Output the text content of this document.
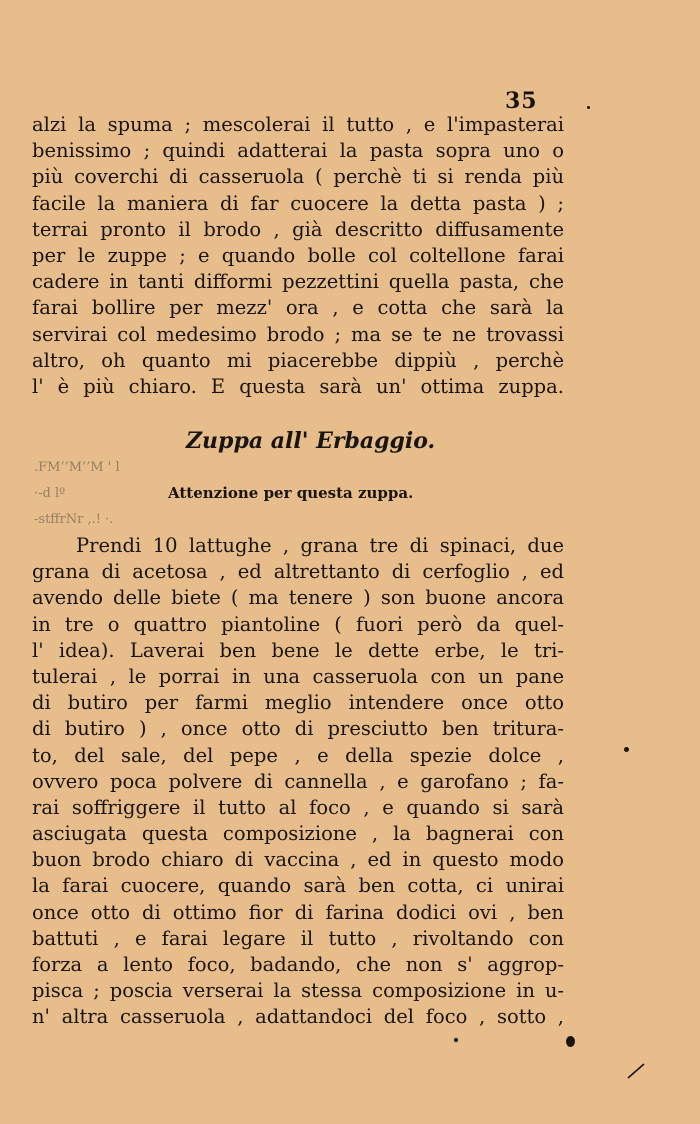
35
alzi la spuma ; mescolerai il tutto , e l'impasterai
benissimo ; quindi adatterai la pasta sopra uno o
più coverchi di casseruola ( perchè ti si renda più
facile la maniera di far cuocere la detta pasta ) ;
terrai pronto il brodo , già descritto diffusamente
per le zuppe ; e quando bolle col coltellone farai
cadere in tanti difformi pezzettini quella pasta, che
farai bollire per mezz' ora , e cotta che sarà la
servirai col medesimo brodo ; ma se te ne trovassi
altro, oh quanto mi piacerebbe dippiù , perchè
l' è più chiaro. E questa sarà un' ottima zuppa.
Zuppa all' Erbaggio.
.FM’’M’’M ' l
·-d lº	Attenzione per questa zuppa.
-stffrNr ,.! ·.
Prendi 10 lattughe , grana tre di spinaci, due
grana di acetosa , ed altrettanto di cerfoglio , ed
avendo delle biete ( ma tenere ) son buone ancora
in tre o quattro piantoline ( fuori però da quel-
l' idea). Laverai ben bene le dette erbe, le tri-
tulerai , le porrai in una casseruola con un pane
di butiro per farmi meglio intendere once otto
di butiro ) , once otto di presciutto ben tritura-
to, del sale, del pepe , e della spezie dolce ,
ovvero poca polvere di cannella , e garofano ; fa-
rai soffriggere il tutto al foco , e quando si sarà
asciugata questa composizione , la bagnerai con
buon brodo chiaro di vaccina , ed in questo modo
la farai cuocere, quando sarà ben cotta, ci unirai
once otto di ottimo fior di farina dodici ovi , ben
battuti , e farai legare il tutto , rivoltando con
forza a lento foco, badando, che non s' aggrop-
pisca ; poscia verserai la stessa composizione in u-
n' altra casseruola , adattandoci del foco , sotto ,
